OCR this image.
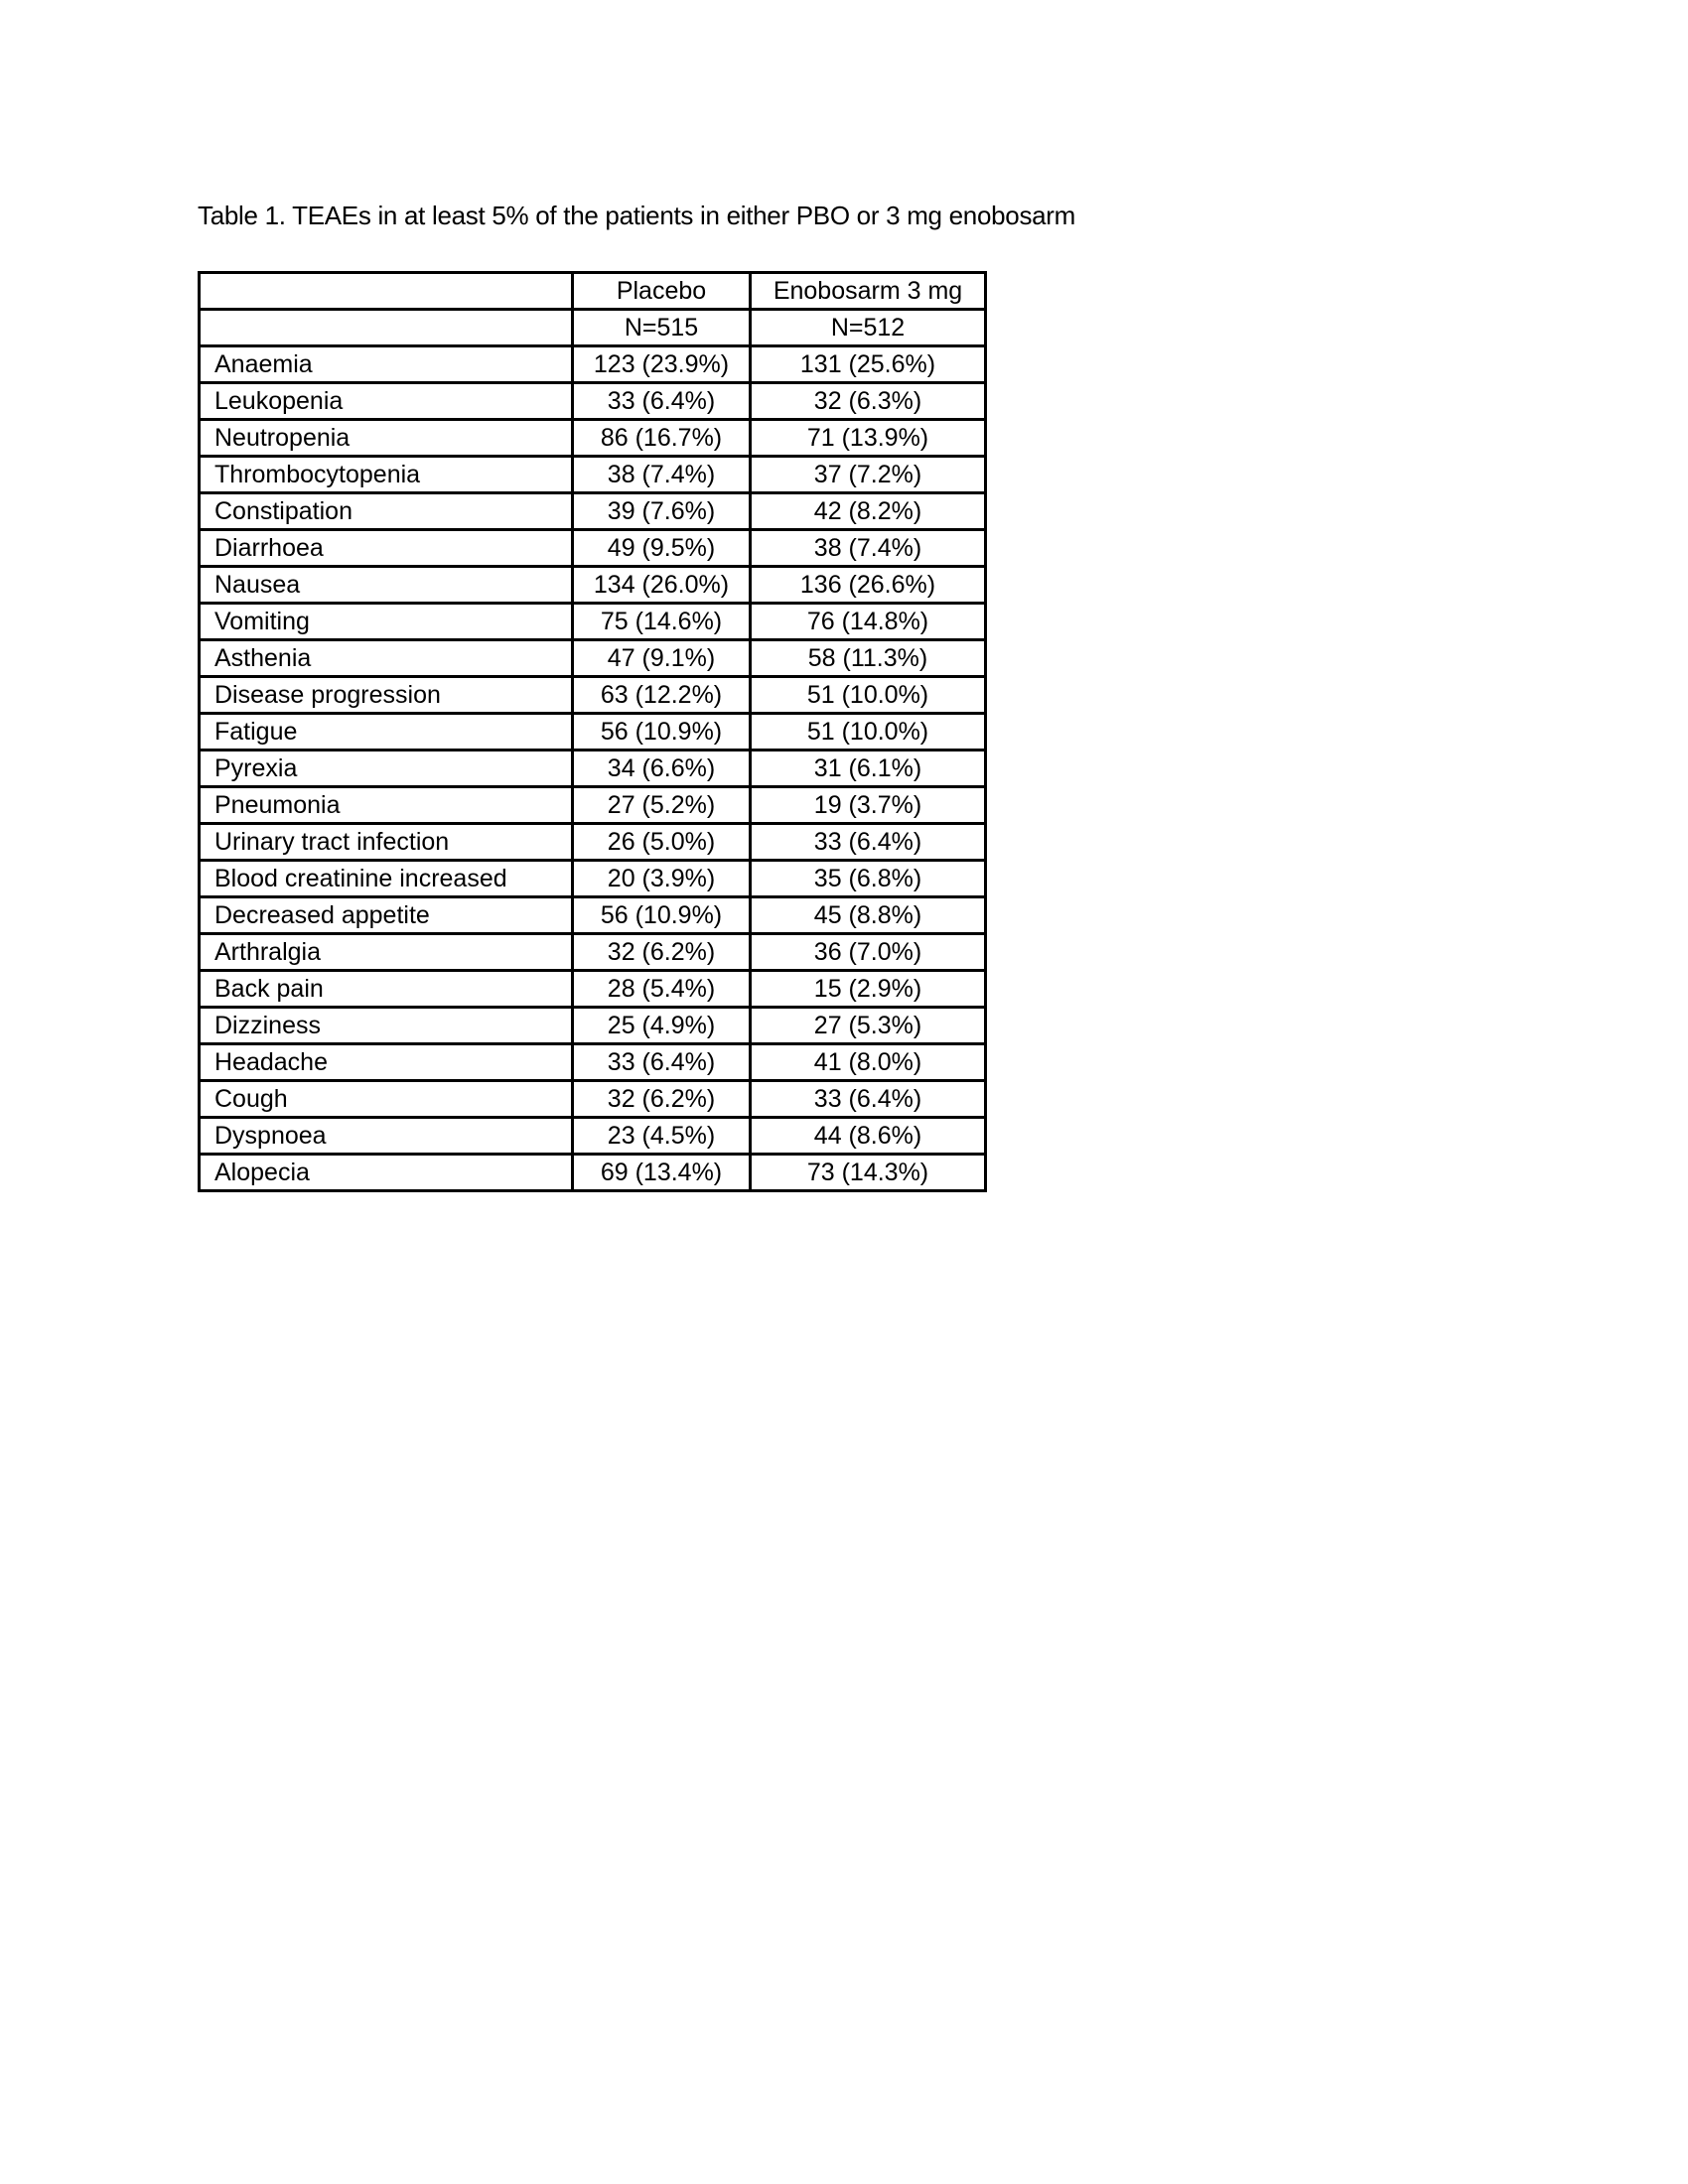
Table 1. TEAEs in at least 5% of the patients in either PBO or 3 mg enobosarm
	Placebo	Enobosarm 3 mg
	N=515	N=512
Anaemia	123 (23.9%)	131 (25.6%)
Leukopenia	33 (6.4%)	32 (6.3%)
Neutropenia	86 (16.7%)	71 (13.9%)
Thrombocytopenia	38 (7.4%)	37 (7.2%)
Constipation	39 (7.6%)	42 (8.2%)
Diarrhoea	49 (9.5%)	38 (7.4%)
Nausea	134 (26.0%)	136 (26.6%)
Vomiting	75 (14.6%)	76 (14.8%)
Asthenia	47 (9.1%)	58 (11.3%)
Disease progression	63 (12.2%)	51 (10.0%)
Fatigue	56 (10.9%)	51 (10.0%)
Pyrexia	34 (6.6%)	31 (6.1%)
Pneumonia	27 (5.2%)	19 (3.7%)
Urinary tract infection	26 (5.0%)	33 (6.4%)
Blood creatinine increased	20 (3.9%)	35 (6.8%)
Decreased appetite	56 (10.9%)	45 (8.8%)
Arthralgia	32 (6.2%)	36 (7.0%)
Back pain	28 (5.4%)	15 (2.9%)
Dizziness	25 (4.9%)	27 (5.3%)
Headache	33 (6.4%)	41 (8.0%)
Cough	32 (6.2%)	33 (6.4%)
Dyspnoea	23 (4.5%)	44 (8.6%)
Alopecia	69 (13.4%)	73 (14.3%)
